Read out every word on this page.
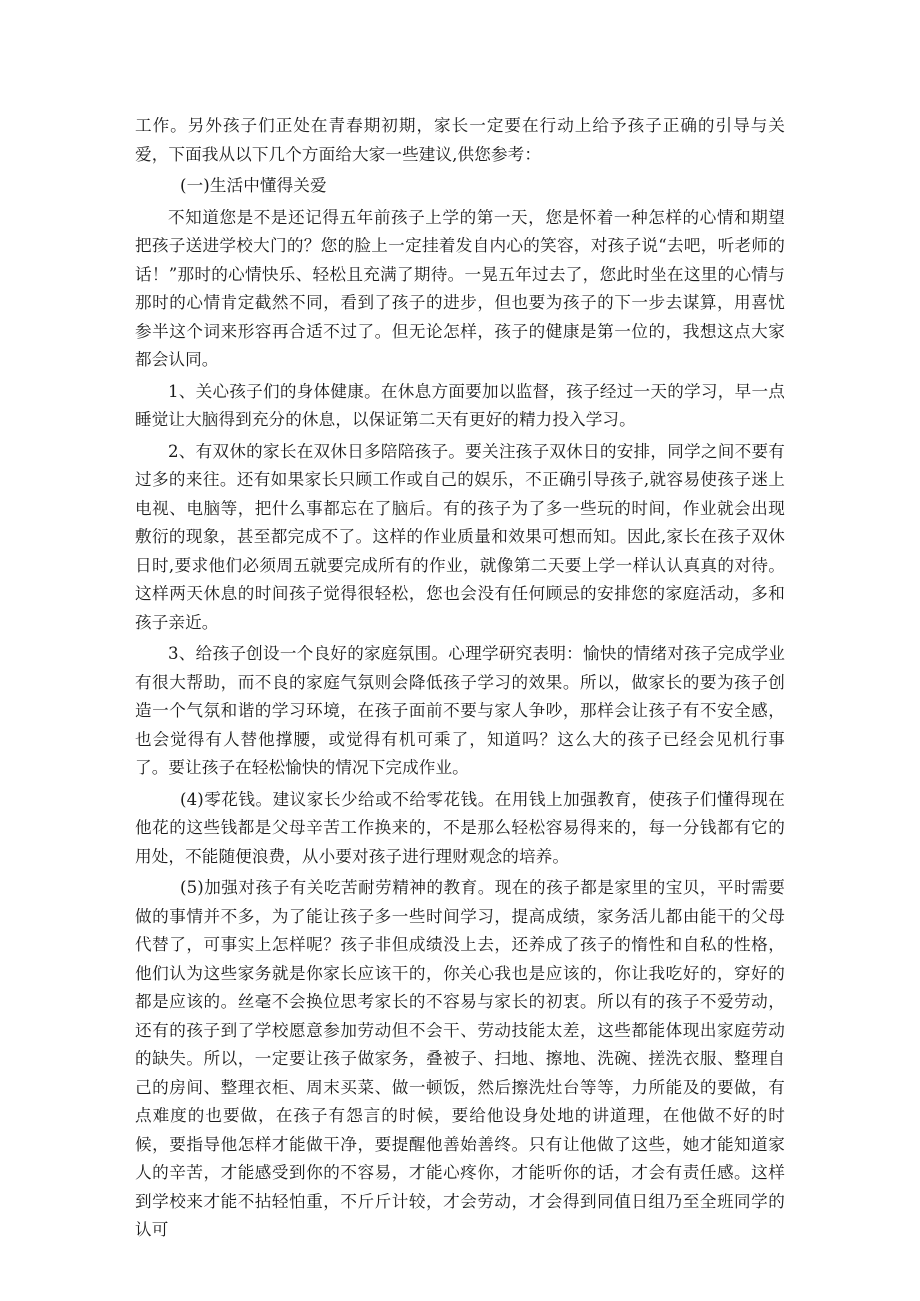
工作。另外孩子们正处在青春期初期，家长一定要在行动上给予孩子正确的引导与关爱，下面我从以下几个方面给大家一些建议,供您参考：

(一)生活中懂得关爱

不知道您是不是还记得五年前孩子上学的第一天，您是怀着一种怎样的心情和期望把孩子送进学校大门的？您的脸上一定挂着发自内心的笑容，对孩子说“去吧，听老师的话！”那时的心情快乐、轻松且充满了期待。一晃五年过去了，您此时坐在这里的心情与那时的心情肯定截然不同，看到了孩子的进步，但也要为孩子的下一步去谋算，用喜忧参半这个词来形容再合适不过了。但无论怎样，孩子的健康是第一位的，我想这点大家都会认同。

1、关心孩子们的身体健康。在休息方面要加以监督，孩子经过一天的学习，早一点睡觉让大脑得到充分的休息，以保证第二天有更好的精力投入学习。

2、有双休的家长在双休日多陪陪孩子。要关注孩子双休日的安排，同学之间不要有过多的来往。还有如果家长只顾工作或自己的娱乐，不正确引导孩子,就容易使孩子迷上电视、电脑等，把什么事都忘在了脑后。有的孩子为了多一些玩的时间，作业就会出现敷衍的现象，甚至都完成不了。这样的作业质量和效果可想而知。因此,家长在孩子双休日时,要求他们必须周五就要完成所有的作业，就像第二天要上学一样认认真真的对待。这样两天休息的时间孩子觉得很轻松，您也会没有任何顾忌的安排您的家庭活动，多和孩子亲近。

3、给孩子创设一个良好的家庭氛围。心理学研究表明：愉快的情绪对孩子完成学业有很大帮助，而不良的家庭气氛则会降低孩子学习的效果。所以，做家长的要为孩子创造一个气氛和谐的学习环境，在孩子面前不要与家人争吵，那样会让孩子有不安全感，也会觉得有人替他撑腰，或觉得有机可乘了，知道吗？这么大的孩子已经会见机行事了。要让孩子在轻松愉快的情况下完成作业。

(4)零花钱。建议家长少给或不给零花钱。在用钱上加强教育，使孩子们懂得现在他花的这些钱都是父母辛苦工作换来的，不是那么轻松容易得来的，每一分钱都有它的用处，不能随便浪费，从小要对孩子进行理财观念的培养。

(5)加强对孩子有关吃苦耐劳精神的教育。现在的孩子都是家里的宝贝，平时需要做的事情并不多，为了能让孩子多一些时间学习，提高成绩，家务活儿都由能干的父母代替了，可事实上怎样呢？孩子非但成绩没上去，还养成了孩子的惰性和自私的性格，他们认为这些家务就是你家长应该干的，你关心我也是应该的，你让我吃好的，穿好的都是应该的。丝毫不会换位思考家长的不容易与家长的初衷。所以有的孩子不爱劳动，还有的孩子到了学校愿意参加劳动但不会干、劳动技能太差，这些都能体现出家庭劳动的缺失。所以，一定要让孩子做家务，叠被子、扫地、擦地、洗碗、搓洗衣服、整理自己的房间、整理衣柜、周末买菜、做一顿饭，然后擦洗灶台等等，力所能及的要做，有点难度的也要做，在孩子有怨言的时候，要给他设身处地的讲道理，在他做不好的时候，要指导他怎样才能做干净，要提醒他善始善终。只有让他做了这些，她才能知道家人的辛苦，才能感受到你的不容易，才能心疼你，才能听你的话，才会有责任感。这样到学校来才能不拈轻怕重，不斤斤计较，才会劳动，才会得到同值日组乃至全班同学的认可
